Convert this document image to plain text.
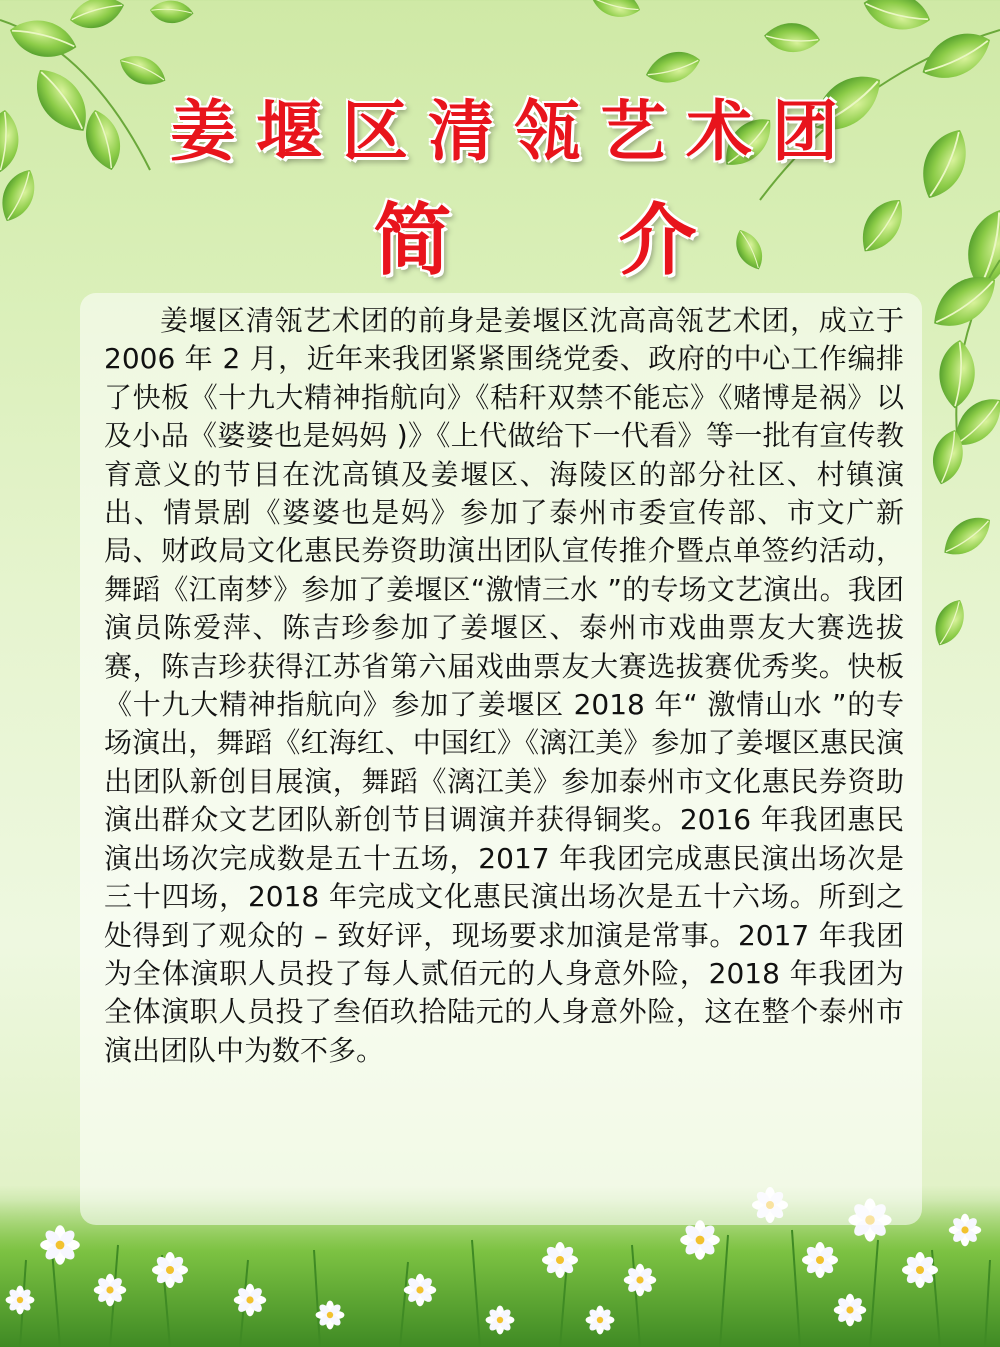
姜堰区清瓴艺术团
简 介

姜堰区清瓴艺术团的前身是姜堰区沈高高瓴艺术团，成立于 2006 年 2 月，近年来我团紧紧围绕党委、政府的中心工作编排了快板《十九大精神指航向》《秸秆双禁不能忘》《赌博是祸》以及小品《婆婆也是妈妈 )》《上代做给下一代看》等一批有宣传教育意义的节目在沈高镇及姜堰区、海陵区的部分社区、村镇演出、情景剧《婆婆也是妈》参加了泰州市委宣传部、市文广新局、财政局文化惠民券资助演出团队宣传推介暨点单签约活动，舞蹈《江南梦》参加了姜堰区“激情三水 ”的专场文艺演出。我团演员陈爱萍、陈吉珍参加了姜堰区、泰州市戏曲票友大赛选拔赛，陈吉珍获得江苏省第六届戏曲票友大赛选拔赛优秀奖。快板《十九大精神指航向》参加了姜堰区 2018 年“ 激情山水 ”的专场演出，舞蹈《红海红、中国红》《漓江美》参加了姜堰区惠民演出团队新创目展演，舞蹈《漓江美》参加泰州市文化惠民券资助演出群众文艺团队新创节目调演并获得铜奖。2016 年我团惠民演出场次完成数是五十五场，2017 年我团完成惠民演出场次是三十四场，2018 年完成文化惠民演出场次是五十六场。所到之处得到了观众的 – 致好评，现场要求加演是常事。2017 年我团为全体演职人员投了每人贰佰元的人身意外险，2018 年我团为全体演职人员投了叁佰玖拾陆元的人身意外险，这在整个泰州市演出团队中为数不多。
